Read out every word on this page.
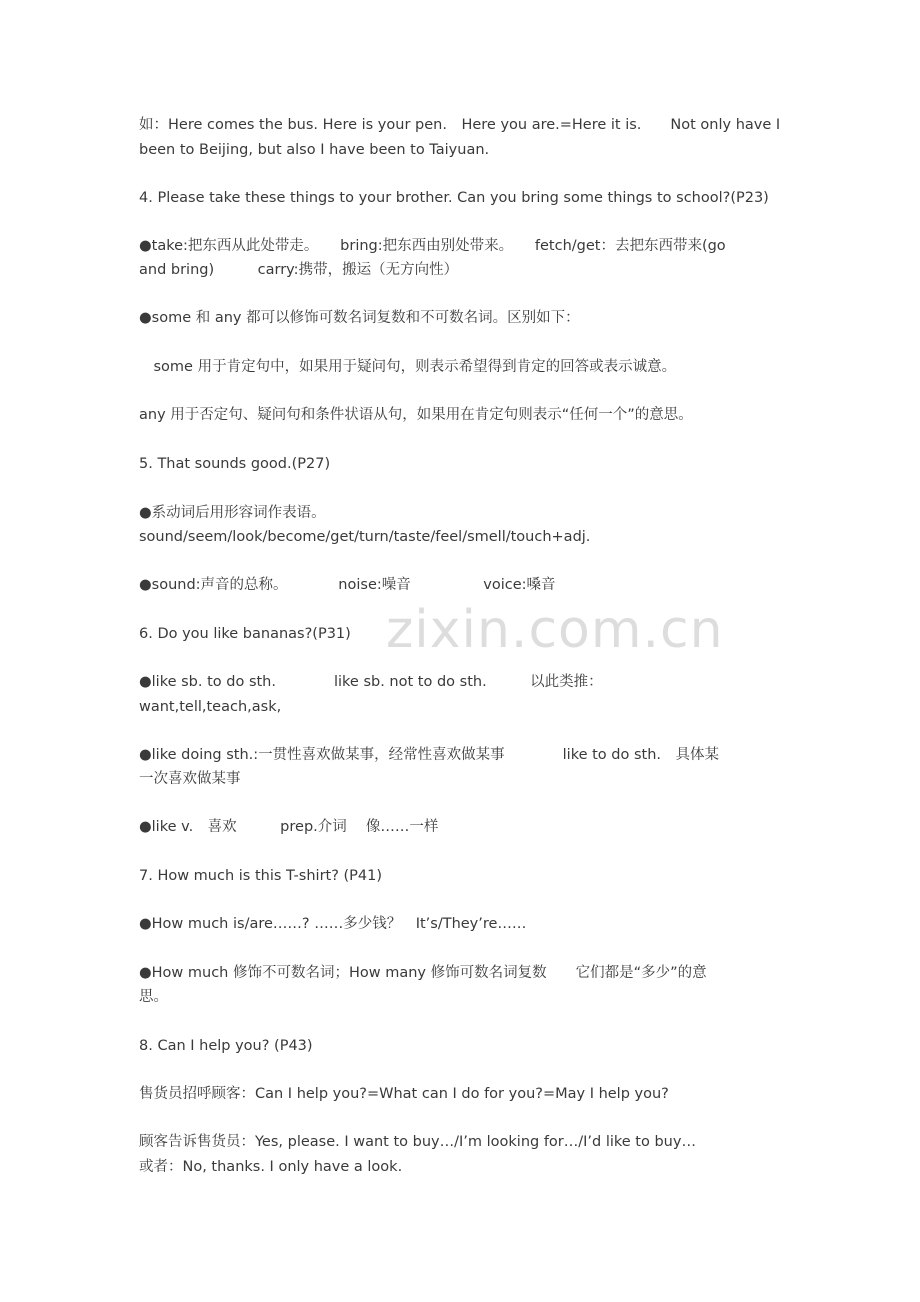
如：Here comes the bus. Here is your pen.　Here you are.=Here it is.　　Not only have I
been to Beijing, but also I have been to Taiyuan.
4. Please take these things to your brother. Can you bring some things to school?(P23)
●take:把东西从此处带走。　　bring:把东西由别处带来。　　fetch/get：去把东西带来(go
and bring)　　　carry:携带，搬运（无方向性）
●some 和 any 都可以修饰可数名词复数和不可数名词。区别如下：
　some 用于肯定句中，如果用于疑问句，则表示希望得到肯定的回答或表示诚意。
any 用于否定句、疑问句和条件状语从句，如果用在肯定句则表示“任何一个”的意思。
5. That sounds good.(P27)
●系动词后用形容词作表语。
sound/seem/look/become/get/turn/taste/feel/smell/touch+adj.
●sound:声音的总称。　　　　noise:噪音　　　　　voice:嗓音
6. Do you like bananas?(P31)
●like sb. to do sth.　　　　like sb. not to do sth.　　　以此类推：
want,tell,teach,ask,
●like doing sth.:一贯性喜欢做某事，经常性喜欢做某事　　　　like to do sth.　具体某
一次喜欢做某事
●like v.　喜欢　　　prep.介词　 像……一样
7. How much is this T-shirt? (P41)
●How much is/are……? ……多少钱？　It’s/They’re……
●How much 修饰不可数名词；How many 修饰可数名词复数　　它们都是“多少”的意
思。
8. Can I help you? (P43)
售货员招呼顾客：Can I help you?=What can I do for you?=May I help you?
顾客告诉售货员：Yes, please. I want to buy…/I’m looking for…/I’d like to buy…
或者：No, thanks. I only have a look.
zixin.com.cn
